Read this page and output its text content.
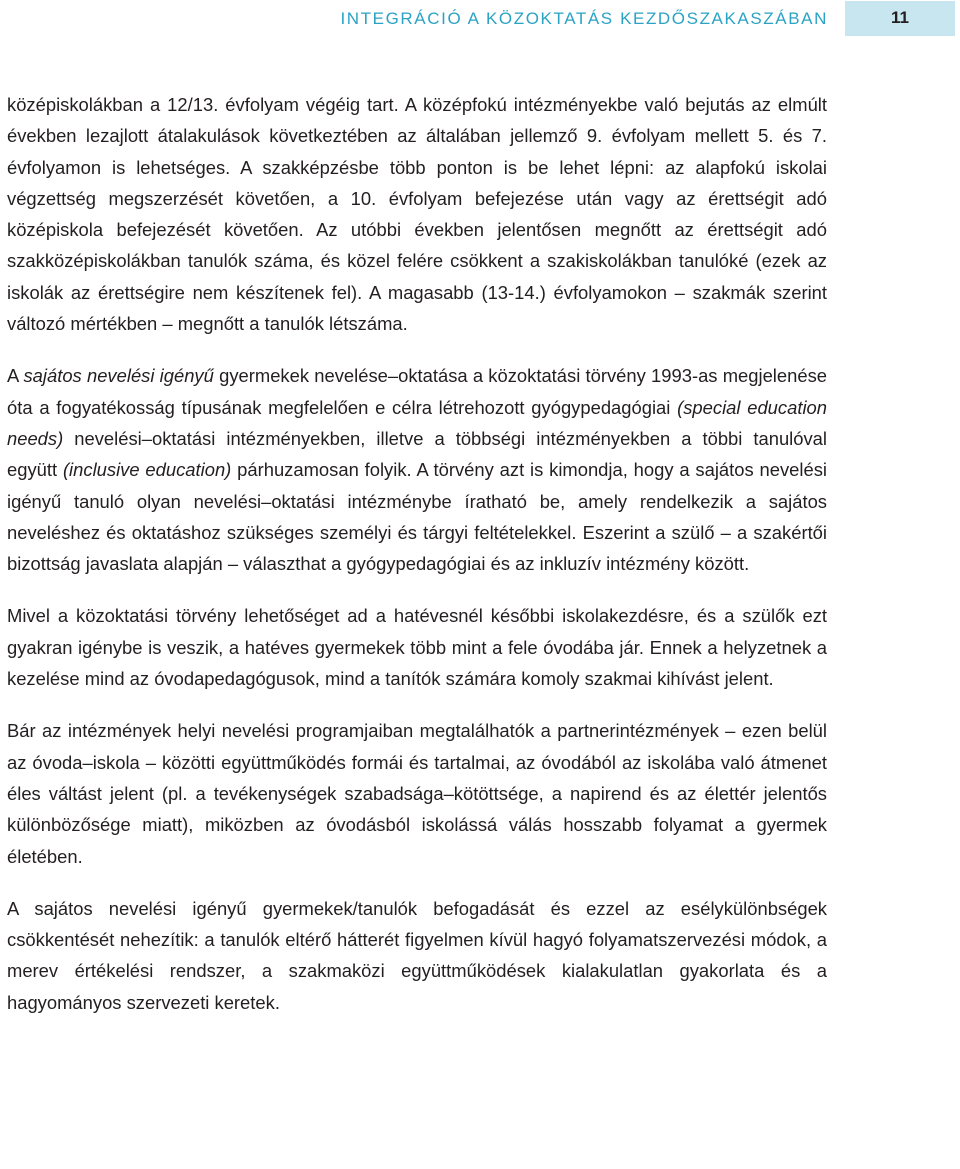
INTEGRÁCIÓ A KÖZOKTATÁS KEZDŐSZAKASZÁBAN	11

középiskolákban a 12/13. évfolyam végéig tart. A középfokú intézményekbe való bejutás az elmúlt években lezajlott átalakulások következtében az általában jellemző 9. évfolyam mellett 5. és 7. évfolyamon is lehetséges. A szakképzésbe több ponton is be lehet lépni: az alapfokú iskolai végzettség megszerzését követően, a 10. évfolyam befejezése után vagy az érettségit adó középiskola befejezését követően. Az utóbbi években jelentősen megnőtt az érettségit adó szakközépiskolákban tanulók száma, és közel felére csökkent a szakiskolákban tanulóké (ezek az iskolák az érettségire nem készítenek fel). A magasabb (13-14.) évfolyamokon – szakmák szerint változó mértékben – megnőtt a tanulók létszáma.

A sajátos nevelési igényű gyermekek nevelése–oktatása a közoktatási törvény 1993-as megjelenése óta a fogyatékosság típusának megfelelően e célra létrehozott gyógypedagógiai (special education needs) nevelési–oktatási intézményekben, illetve a többségi intézményekben a többi tanulóval együtt (inclusive education) párhuzamosan folyik. A törvény azt is kimondja, hogy a sajátos nevelési igényű tanuló olyan nevelési–oktatási intézménybe íratható be, amely rendelkezik a sajátos neveléshez és oktatáshoz szükséges személyi és tárgyi feltételekkel. Eszerint a szülő – a szakértői bizottság javaslata alapján – választhat a gyógypedagógiai és az inkluzív intézmény között.

Mivel a közoktatási törvény lehetőséget ad a hatévesnél későbbi iskolakezdésre, és a szülők ezt gyakran igénybe is veszik, a hatéves gyermekek több mint a fele óvodába jár. Ennek a helyzetnek a kezelése mind az óvodapedagógusok, mind a tanítók számára komoly szakmai kihívást jelent.

Bár az intézmények helyi nevelési programjaiban megtalálhatók a partnerintézmények – ezen belül az óvoda–iskola – közötti együttműködés formái és tartalmai, az óvodából az iskolába való átmenet éles váltást jelent (pl. a tevékenységek szabadsága–kötöttsége, a napirend és az élettér jelentős különbözősége miatt), miközben az óvodásból iskolássá válás hosszabb folyamat a gyermek életében.

A sajátos nevelési igényű gyermekek/tanulók befogadását és ezzel az esélykülönbségek csökkentését nehezítik: a tanulók eltérő hátterét figyelmen kívül hagyó folyamatszervezési módok, a merev értékelési rendszer, a szakmaközi együttműködések kialakulatlan gyakorlata és a hagyományos szervezeti keretek.
